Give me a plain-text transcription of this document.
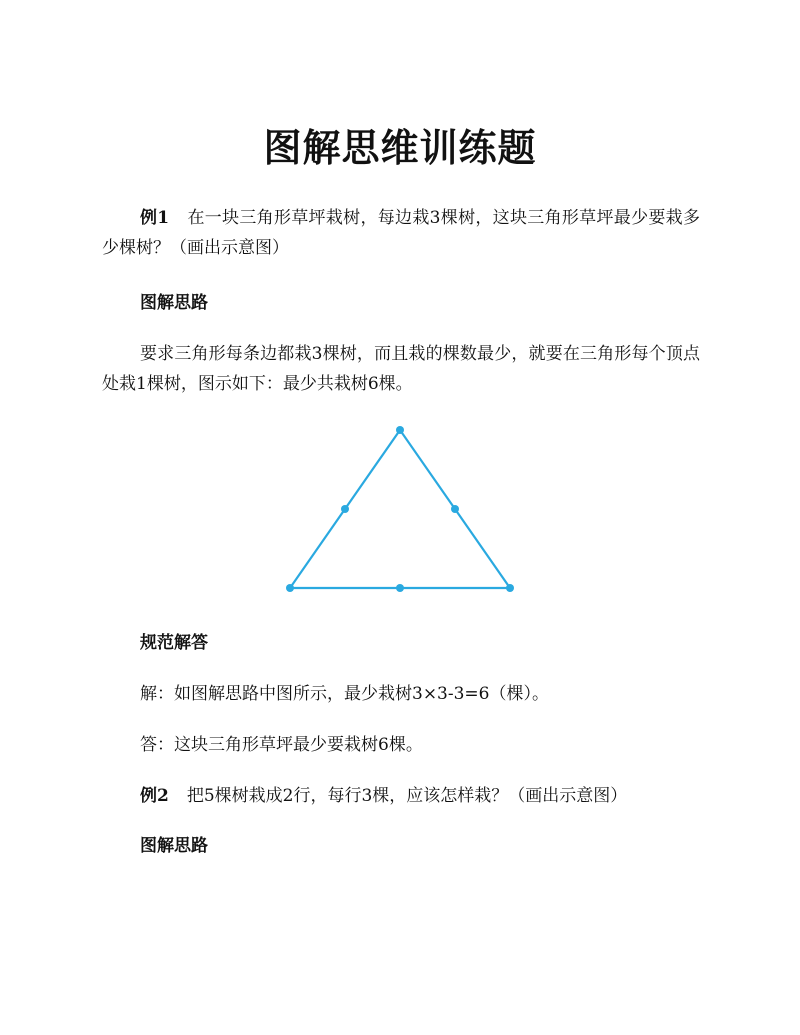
图解思维训练题

例1 在一块三角形草坪栽树，每边栽3棵树，这块三角形草坪最少要栽多少棵树？（画出示意图）

图解思路

要求三角形每条边都栽3棵树，而且栽的棵数最少，就要在三角形每个顶点处栽1棵树，图示如下：最少共栽树6棵。

规范解答

解：如图解思路中图所示，最少栽树3×3-3=6（棵）。

答：这块三角形草坪最少要栽树6棵。

例2 把5棵树栽成2行，每行3棵，应该怎样栽？（画出示意图）

图解思路
